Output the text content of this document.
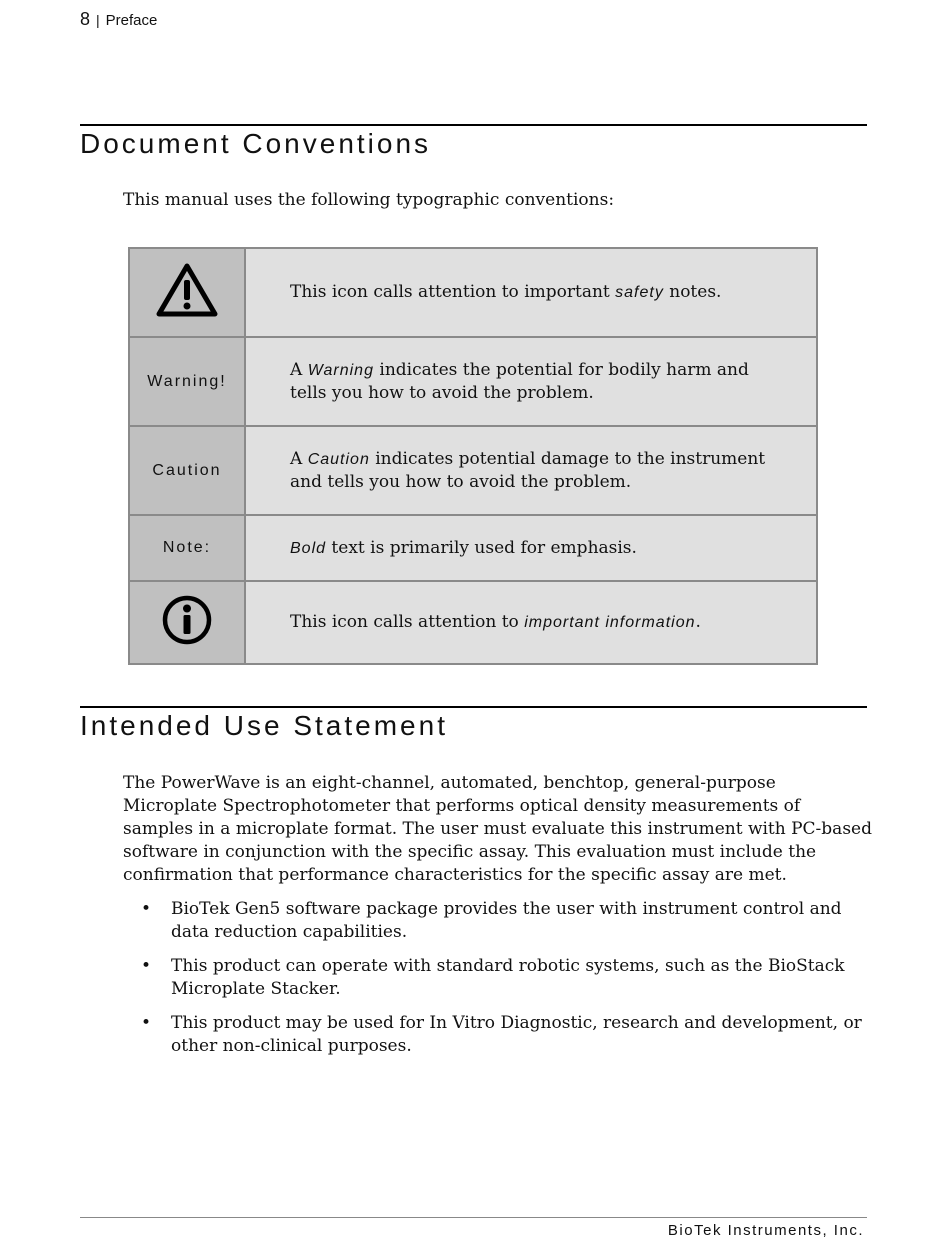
8 | Preface
Document Conventions
This manual uses the following typographic conventions:
This icon calls attention to important safety notes.
Warning!
A Warning indicates the potential for bodily harm and tells you how to avoid the problem.
Caution
A Caution indicates potential damage to the instrument and tells you how to avoid the problem.
Note:	Bold text is primarily used for emphasis.
This icon calls attention to important information.
Intended Use Statement
The PowerWave is an eight-channel, automated, benchtop, general-purpose Microplate Spectrophotometer that performs optical density measurements of samples in a microplate format. The user must evaluate this instrument with PC-based software in conjunction with the specific assay. This evaluation must include the confirmation that performance characteristics for the specific assay are met.
• BioTek Gen5 software package provides the user with instrument control and data reduction capabilities.
• This product can operate with standard robotic systems, such as the BioStack Microplate Stacker.
• This product may be used for In Vitro Diagnostic, research and development, or other non-clinical purposes.
BioTek Instruments, Inc.
